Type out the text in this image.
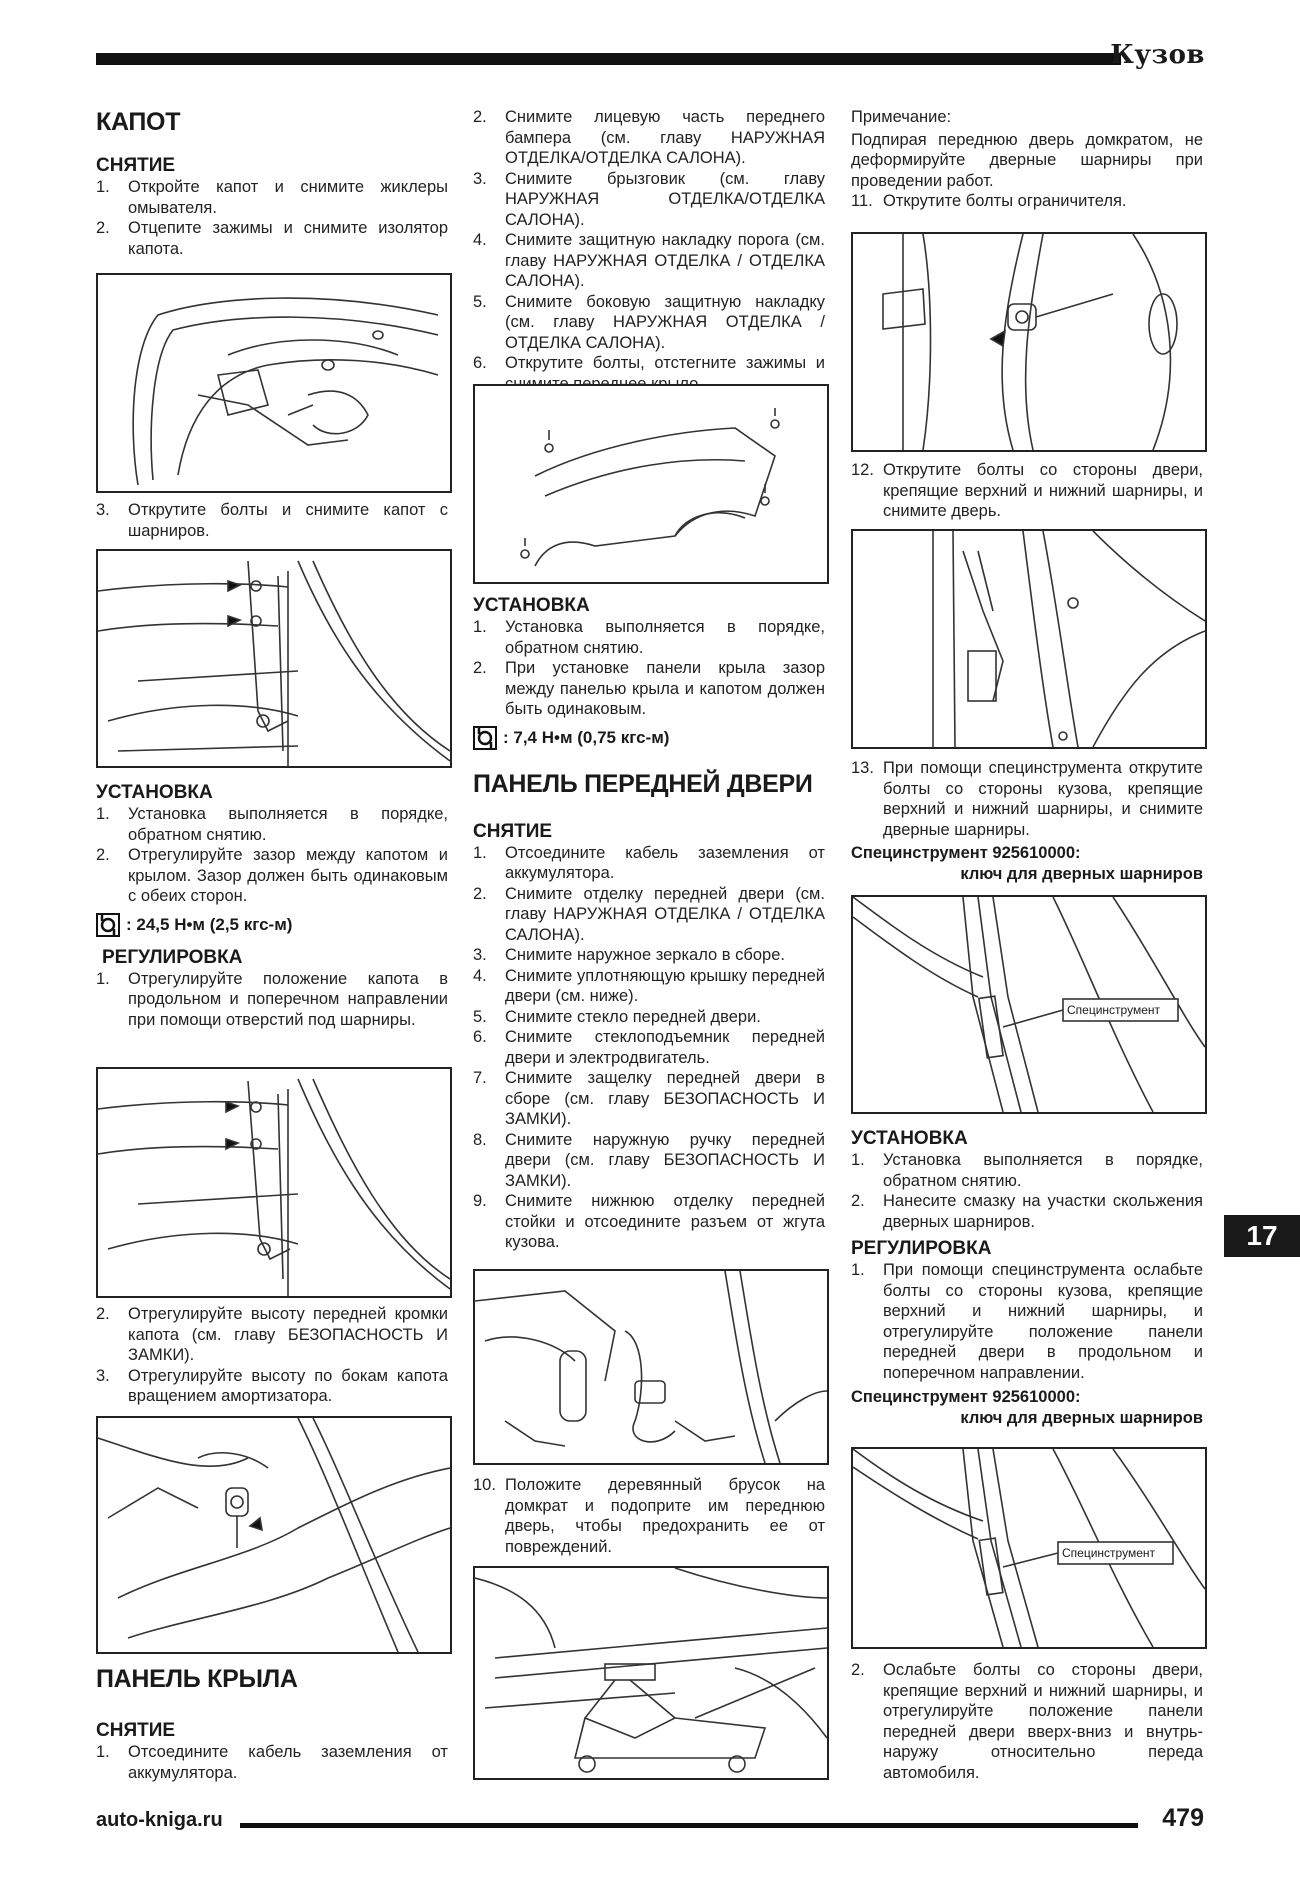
Кузов
КАПОТ
СНЯТИЕ
1.	Откройте капот и снимите жиклеры омывателя.
2.	Отцепите зажимы и снимите изолятор капота.
3.	Открутите болты и снимите капот с шарниров.
УСТАНОВКА
1.	Установка выполняется в порядке, обратном снятию.
2.	Отрегулируйте зазор между капотом и крылом. Зазор должен быть одинаковым с обеих сторон.
: 24,5 Н•м (2,5 кгс-м)
РЕГУЛИРОВКА
1.	Отрегулируйте положение капота в продольном и поперечном направлении при помощи отверстий под шарниры.
2.	Отрегулируйте высоту передней кромки капота (см. главу БЕЗОПАСНОСТЬ И ЗАМКИ).
3.	Отрегулируйте высоту по бокам капота вращением амортизатора.
ПАНЕЛЬ КРЫЛА
СНЯТИЕ
1.	Отсоедините кабель заземления от аккумулятора.
2.	Снимите лицевую часть переднего бампера (см. главу НАРУЖНАЯ ОТДЕЛКА/ОТДЕЛКА САЛОНА).
3.	Снимите брызговик (см. главу НАРУЖНАЯ ОТДЕЛКА/ОТДЕЛКА САЛОНА).
4.	Снимите защитную накладку порога (см. главу НАРУЖНАЯ ОТДЕЛКА / ОТДЕЛКА САЛОНА).
5.	Снимите боковую защитную накладку (см. главу НАРУЖНАЯ ОТДЕЛКА / ОТДЕЛКА САЛОНА).
6.	Открутите болты, отстегните зажимы и
УСТАНОВКА
1.	Установка выполняется в порядке, обратном снятию.
2.	При установке панели крыла зазор между панелью крыла и капотом должен быть одинаковым.
: 7,4 Н•м (0,75 кгс-м)
ПАНЕЛЬ ПЕРЕДНЕЙ ДВЕРИ
СНЯТИЕ
1.	Отсоедините кабель заземления от аккумулятора.
2.	Снимите отделку передней двери (см. главу НАРУЖНАЯ ОТДЕЛКА / ОТДЕЛКА САЛОНА).
3.	Снимите наружное зеркало в сборе.
4.	Снимите уплотняющую крышку передней двери (см. ниже).
5.	Снимите стекло передней двери.
6.	Снимите стеклоподъемник передней двери и электродвигатель.
7.	Снимите защелку передней двери в сборе (см. главу БЕЗОПАСНОСТЬ И ЗАМКИ).
8.	Снимите наружную ручку передней двери (см. главу БЕЗОПАСНОСТЬ И ЗАМКИ).
9.	Снимите нижнюю отделку передней стойки и отсоедините разъем от жгута кузова.
10. Положите деревянный брусок на домкрат и подоприте им переднюю дверь, чтобы предохранить ее от повреждений.
Примечание:
Подпирая переднюю дверь домкратом, не деформируйте дверные шарниры при проведении работ.
11. Открутите болты ограничителя.
12. Открутите болты со стороны двери, крепящие верхний и нижний шарниры, и снимите дверь.
13. При помощи специнструмента открутите болты со стороны кузова, крепящие верхний и нижний шарниры, и снимите дверные шарниры.
Специнструмент 925610000:
ключ для дверных шарниров
Специнструмент
УСТАНОВКА
1.	Установка выполняется в порядке, обратном снятию.
2.	Нанесите смазку на участки скольжения дверных шарниров.
РЕГУЛИРОВКА
1.	При помощи специнструмента ослабьте болты со стороны кузова, крепящие верхний и нижний шарниры, и отрегулируйте положение панели передней двери в продольном и поперечном направлении.
Специнструмент 925610000:
ключ для дверных шарниров
Специнструмент
2.	Ослабьте болты со стороны двери, крепящие верхний и нижний шарниры, и отрегулируйте положение панели передней двери вверх-вниз и внутрь-наружу относительно переда автомобиля.
17
auto-kniga.ru	479
